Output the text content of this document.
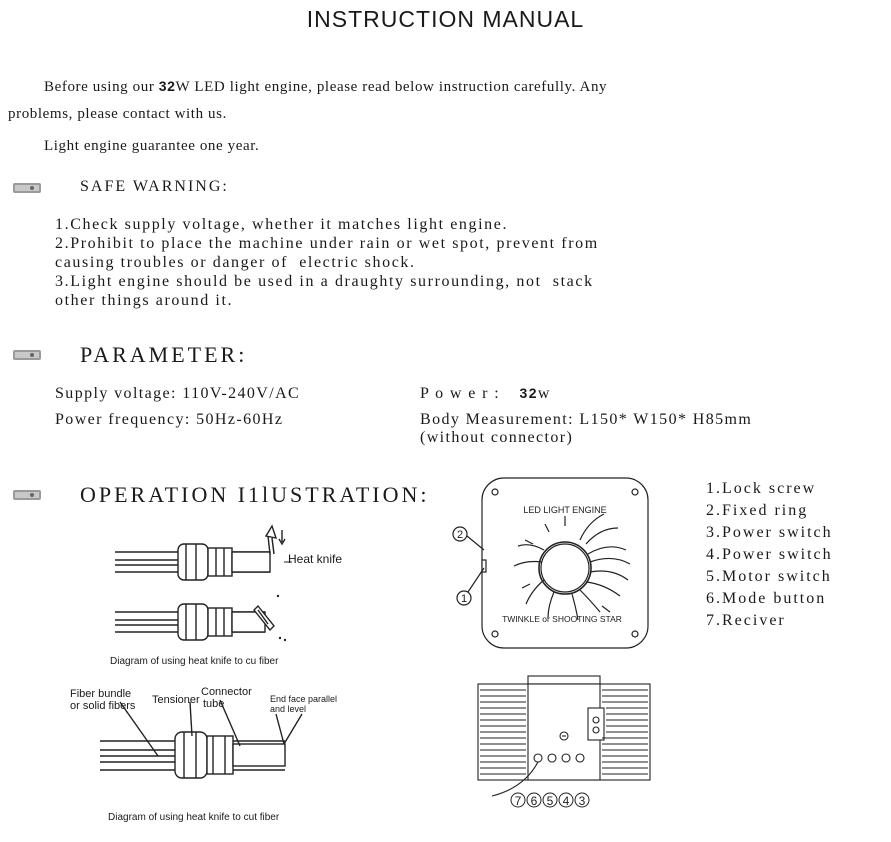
INSTRUCTION MANUAL
Before using our 32W LED light engine, please read below instruction carefully. Any
problems, please contact with us.
Light engine guarantee one year.
SAFE WARNING:
1.Check supply voltage, whether it matches light engine.
2.Prohibit to place the machine under rain or wet spot, prevent from
causing troubles or danger of  electric shock.
3.Light engine should be used in a draughty surrounding, not  stack
other things around it.
PARAMETER:
Supply voltage: 110V-240V/AC
Power frequency: 50Hz-60Hz
P o w e r : 32w
Body Measurement: L150* W150* H85mm
(without connector)
OPERATION I1lUSTRATION:
Heat knife
Diagram of using heat knife to cu fiber
Fiber bundle
or solid fibers Tensioner
Connector
tube	End face parallel
and level
Diagram of using heat knife to cut fiber
2
1
LED LIGHT ENGINE
TWINKLE or SHOOTING STAR
7 6 5 4 3
1.Lock screw
2.Fixed ring
3.Power switch
4.Power switch
5.Motor switch
6.Mode button
7.Reciver
